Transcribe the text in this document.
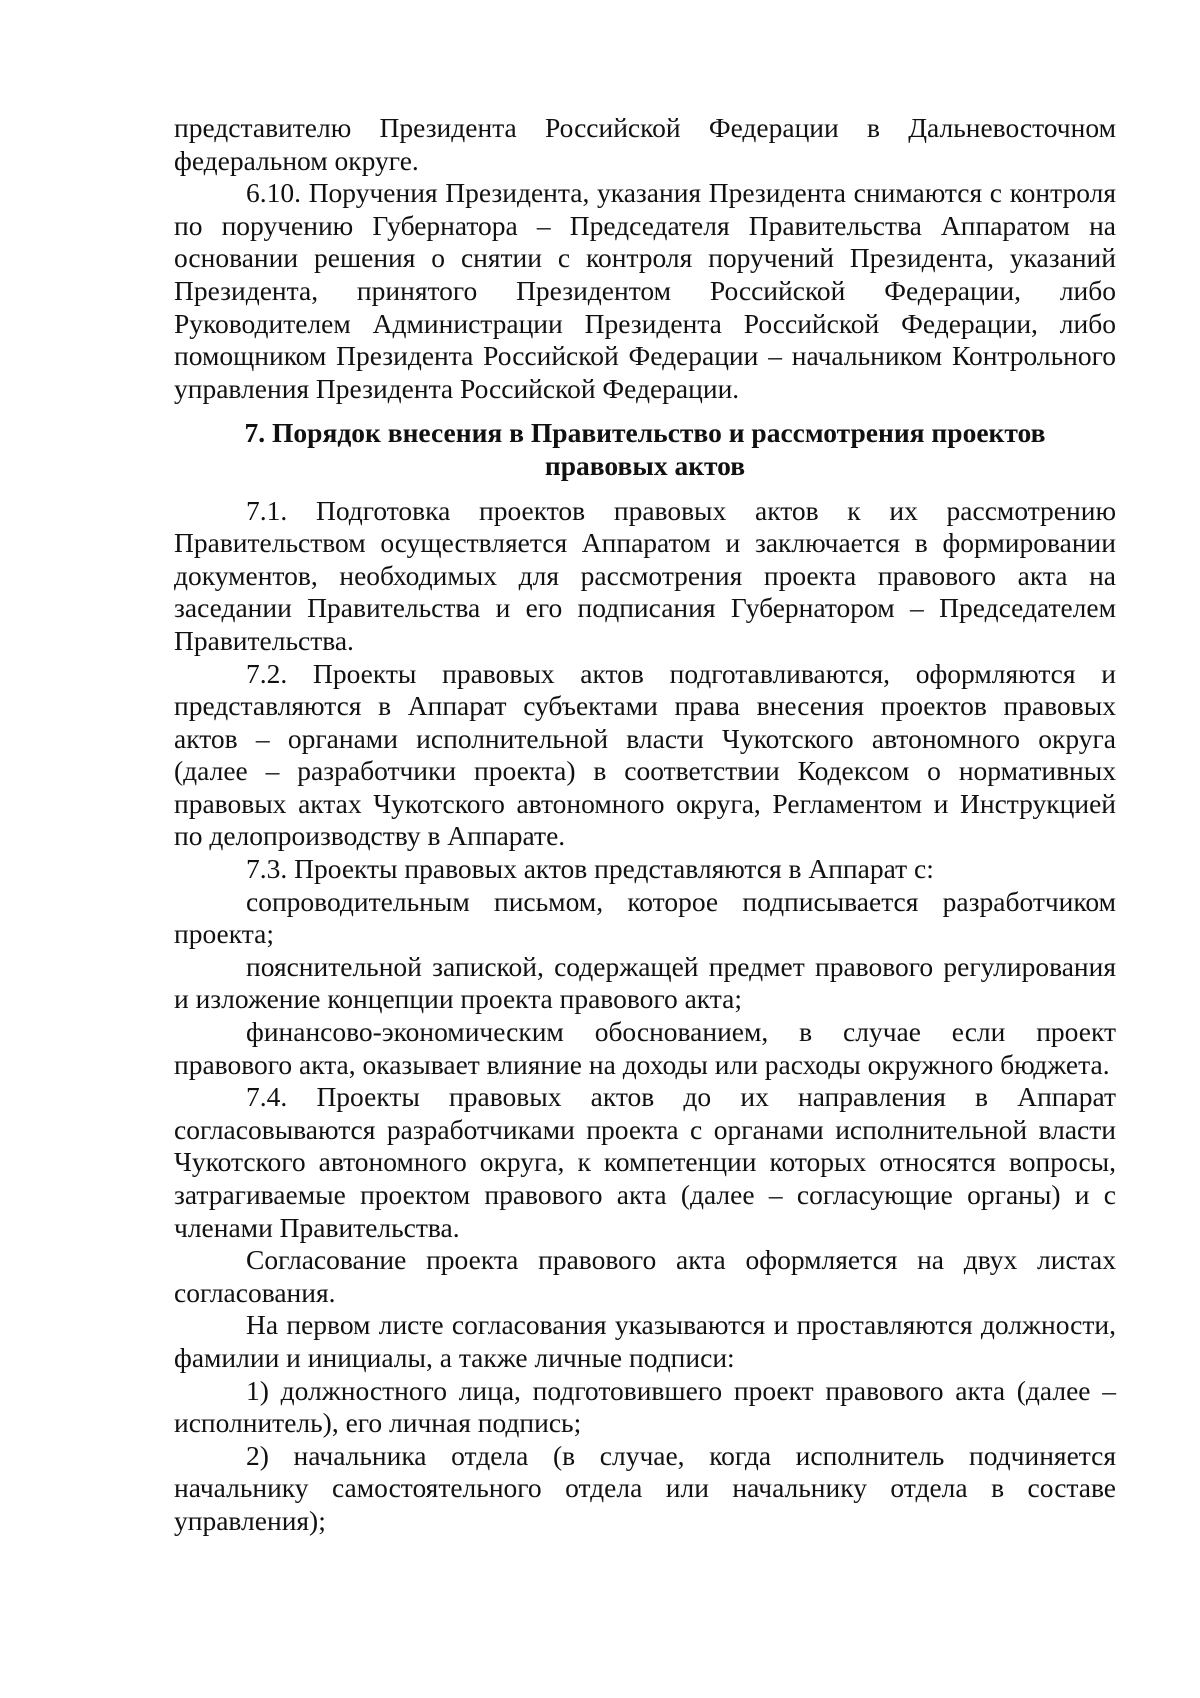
представителю Президента Российской Федерации в Дальневосточном федеральном округе.

6.10. Поручения Президента, указания Президента снимаются с контроля по поручению Губернатора – Председателя Правительства Аппаратом на основании решения о снятии с контроля поручений Президента, указаний Президента, принятого Президентом Российской Федерации, либо Руководителем Администрации Президента Российской Федерации, либо помощником Президента Российской Федерации – начальником Контрольного управления Президента Российской Федерации.

7. Порядок внесения в Правительство и рассмотрения проектов
правовых актов

7.1. Подготовка проектов правовых актов к их рассмотрению Правительством осуществляется Аппаратом и заключается в формировании документов, необходимых для рассмотрения проекта правового акта на заседании Правительства и его подписания Губернатором – Председателем Правительства.

7.2. Проекты правовых актов подготавливаются, оформляются и представляются в Аппарат субъектами права внесения проектов правовых актов – органами исполнительной власти Чукотского автономного округа (далее – разработчики проекта) в соответствии Кодексом о нормативных правовых актах Чукотского автономного округа, Регламентом и Инструкцией по делопроизводству в Аппарате.

7.3. Проекты правовых актов представляются в Аппарат с:

сопроводительным письмом, которое подписывается разработчиком проекта;

пояснительной запиской, содержащей предмет правового регулирования и изложение концепции проекта правового акта;

финансово-экономическим обоснованием, в случае если проект правового акта, оказывает влияние на доходы или расходы окружного бюджета.

7.4. Проекты правовых актов до их направления в Аппарат согласовываются разработчиками проекта с органами исполнительной власти Чукотского автономного округа, к компетенции которых относятся вопросы, затрагиваемые проектом правового акта (далее – согласующие органы) и с членами Правительства.

Согласование проекта правового акта оформляется на двух листах согласования.

На первом листе согласования указываются и проставляются должности, фамилии и инициалы, а также личные подписи:

1) должностного лица, подготовившего проект правового акта (далее – исполнитель), его личная подпись;

2) начальника отдела (в случае, когда исполнитель подчиняется начальнику самостоятельного отдела или начальнику отдела в составе управления);
